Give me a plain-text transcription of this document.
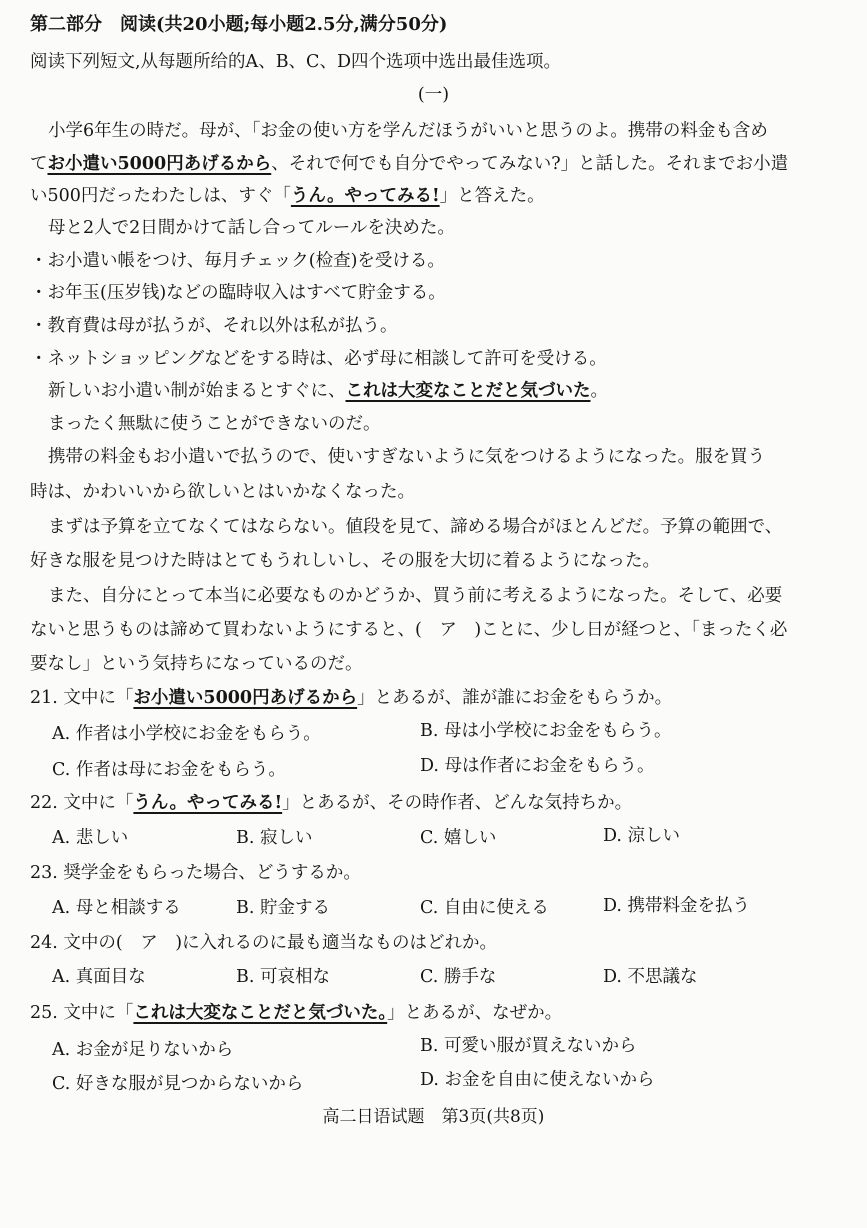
第二部分　阅读(共20小题;每小题2.5分,满分50分)
阅读下列短文,从每题所给的A、B、C、D四个选项中选出最佳选项。
(一)
小学6年生の時だ。母が、「お金の使い方を学んだほうがいいと思うのよ。携帯の料金も含め
てお小遣い5000円あげるから、それで何でも自分でやってみない?」と話した。それまでお小遣
い500円だったわたしは、すぐ「うん。やってみる!」と答えた。
母と2人で2日間かけて話し合ってルールを決めた。
・お小遣い帳をつけ、毎月チェック(检查)を受ける。
・お年玉(压岁钱)などの臨時収入はすべて貯金する。
・教育費は母が払うが、それ以外は私が払う。
・ネットショッピングなどをする時は、必ず母に相談して許可を受ける。
新しいお小遣い制が始まるとすぐに、これは大変なことだと気づいた。
まったく無駄に使うことができないのだ。
携帯の料金もお小遣いで払うので、使いすぎないように気をつけるようになった。服を買う
時は、かわいいから欲しいとはいかなくなった。
まずは予算を立てなくてはならない。値段を見て、諦める場合がほとんどだ。予算の範囲で、
好きな服を見つけた時はとてもうれしいし、その服を大切に着るようになった。
また、自分にとって本当に必要なものかどうか、買う前に考えるようになった。そして、必要
ないと思うものは諦めて買わないようにすると、(　ア　)ことに、少し日が経つと、「まったく必
要なし」という気持ちになっているのだ。
21. 文中に「お小遣い5000円あげるから」とあるが、誰が誰にお金をもらうか。
A. 作者は小学校にお金をもらう。	B. 母は小学校にお金をもらう。
C. 作者は母にお金をもらう。	D. 母は作者にお金をもらう。
22. 文中に「うん。やってみる!」とあるが、その時作者、どんな気持ちか。
A. 悲しい	B. 寂しい	C. 嬉しい	D. 涼しい
23. 奨学金をもらった場合、どうするか。
A. 母と相談する	B. 貯金する	C. 自由に使える	D. 携帯料金を払う
24. 文中の(　ア　)に入れるのに最も適当なものはどれか。
A. 真面目な	B. 可哀相な	C. 勝手な	D. 不思議な
25. 文中に「これは大変なことだと気づいた。」とあるが、なぜか。
A. お金が足りないから	B. 可愛い服が買えないから
C. 好きな服が見つからないから	D. お金を自由に使えないから
高二日语试题　第3页(共8页)
